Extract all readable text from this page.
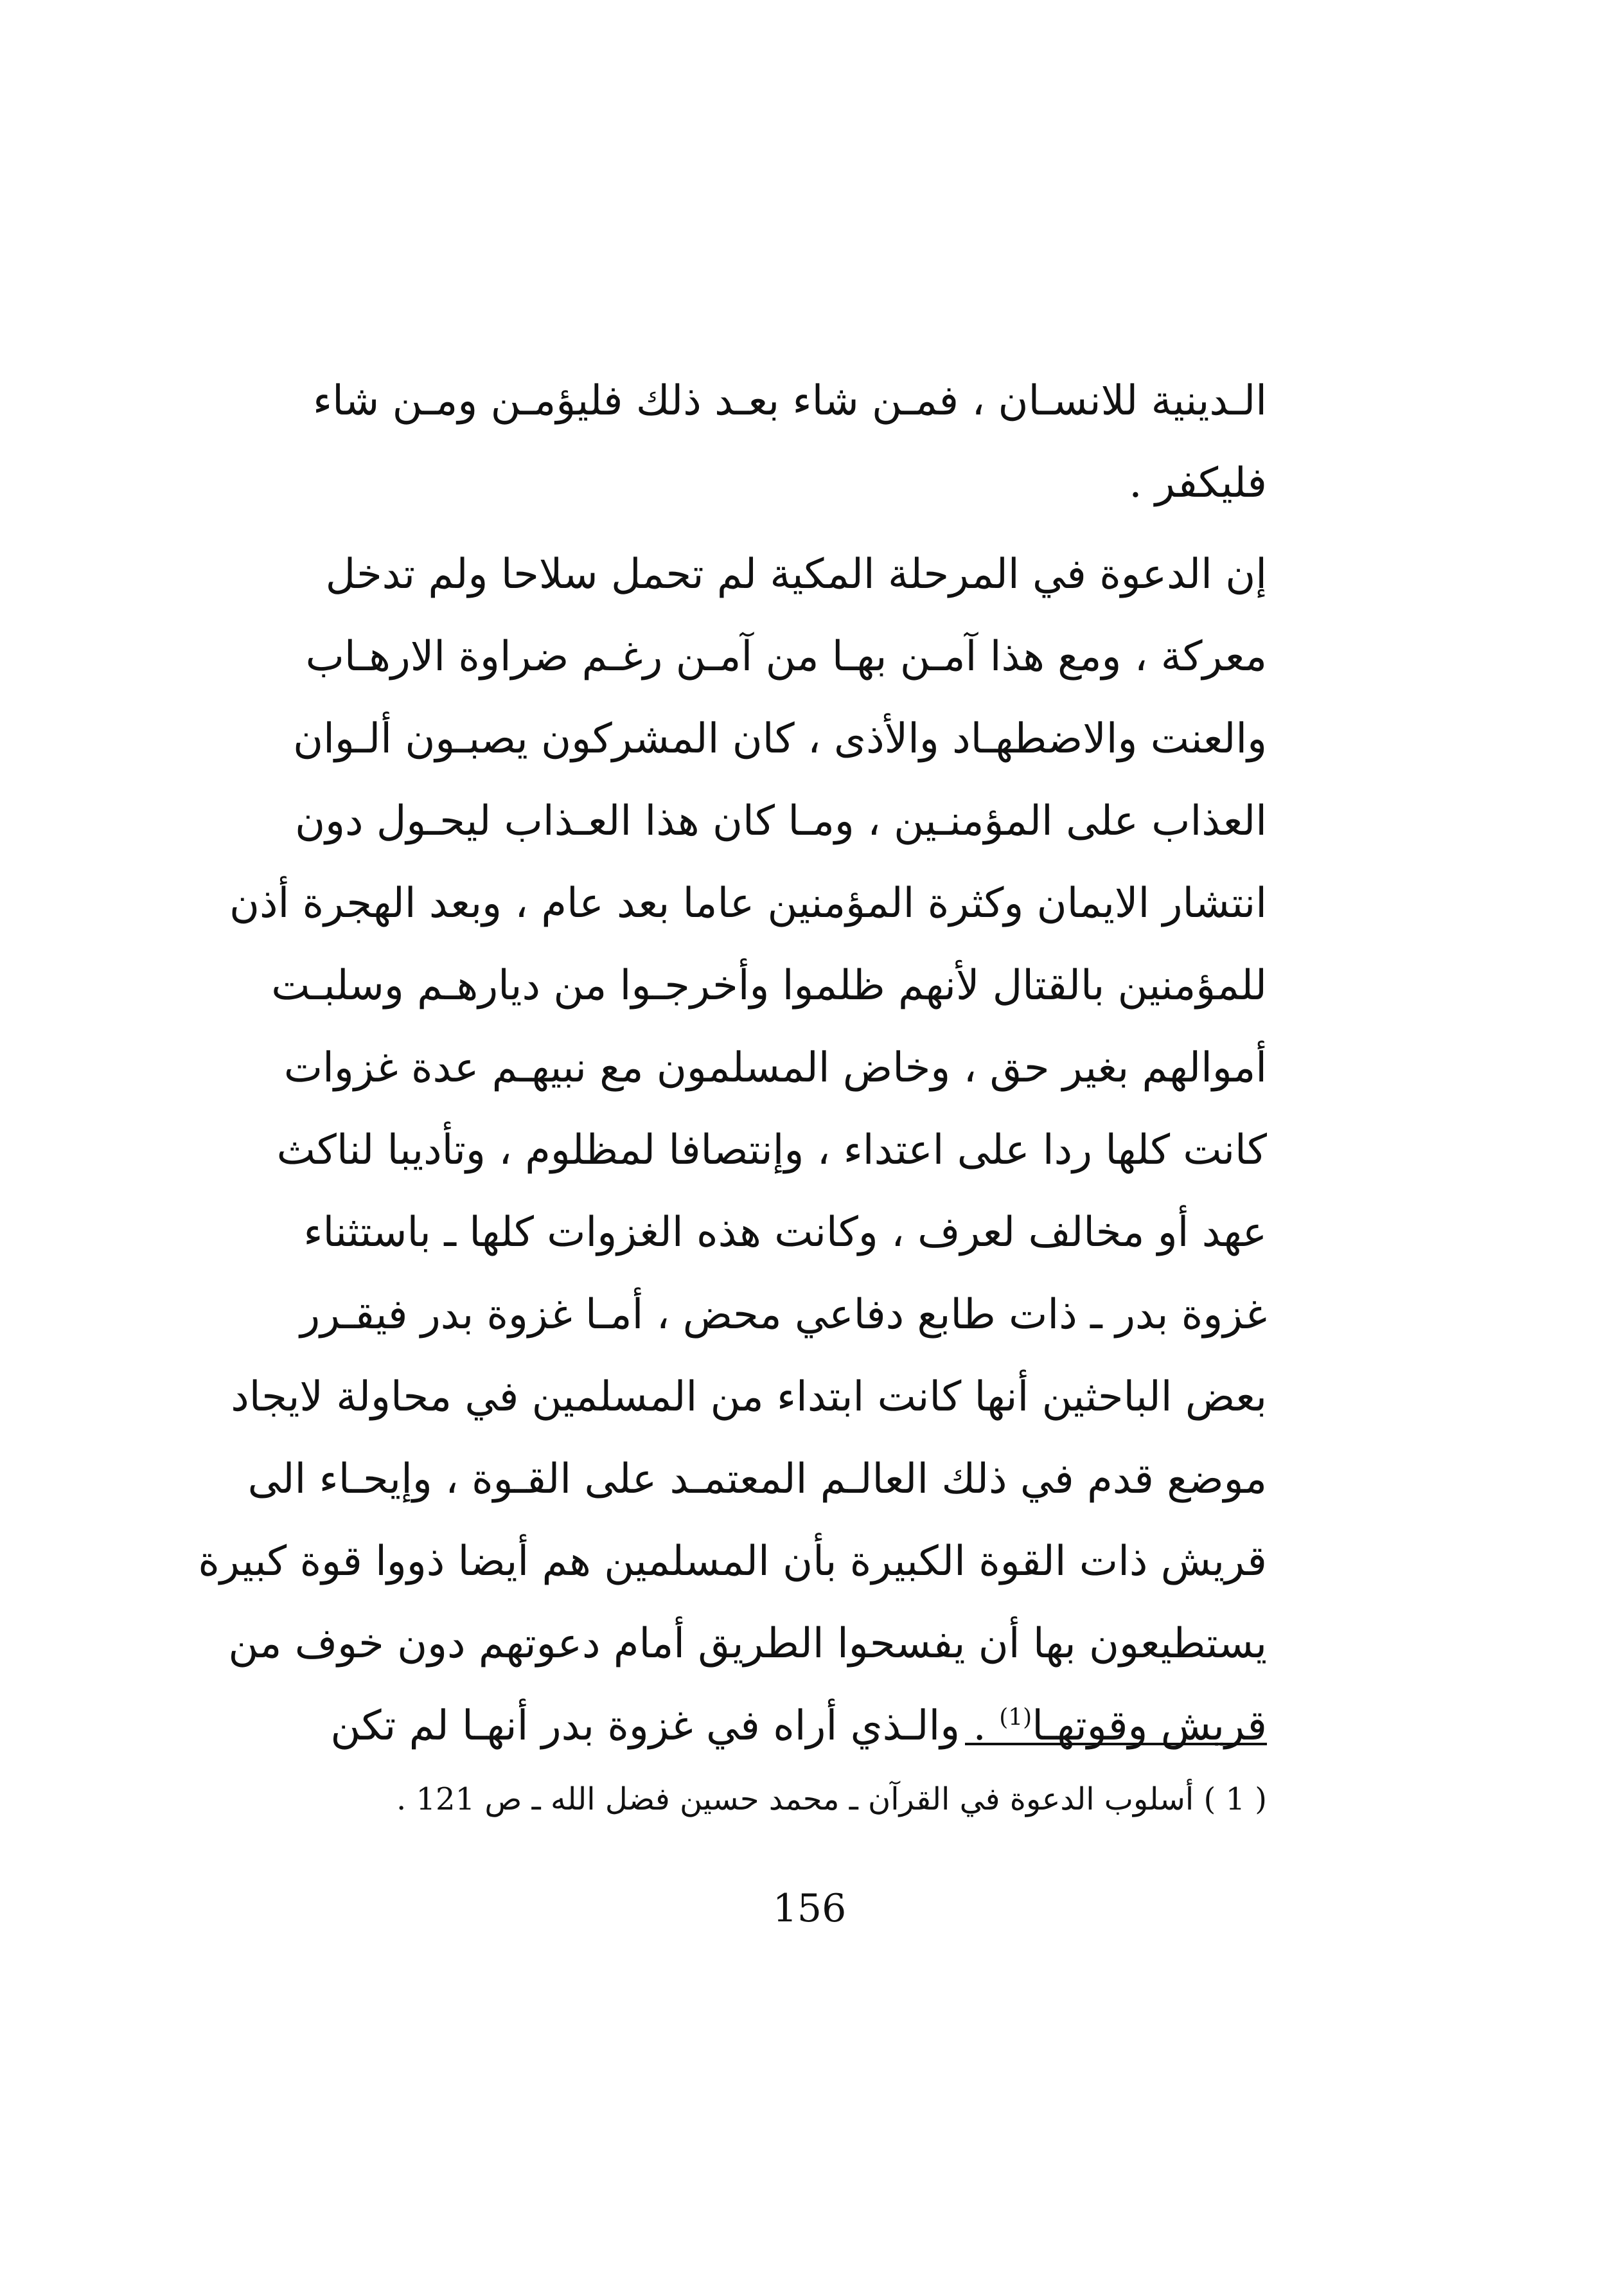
الـدينية للانسـان ، فمـن شاء بعـد ذلك فليؤمـن ومـن شاء
فليكفر .
إن الدعوة في المرحلة المكية لم تحمل سلاحا ولم تدخل
معركة ، ومع هذا آمـن بهـا من آمـن رغـم ضراوة الارهـاب
والعنت والاضطهـاد والأذى ، كان المشركون يصبـون ألـوان
العذاب على المؤمنـين ، ومـا كان هذا العـذاب ليحـول دون
انتشار الايمان وكثرة المؤمنين عاما بعد عام ، وبعد الهجرة أذن
للمؤمنين بالقتال لأنهم ظلموا وأخرجـوا من ديارهـم وسلبـت
أموالهم بغير حق ، وخاض المسلمون مع نبيهـم عدة غزوات
كانت كلها ردا على اعتداء ، وإنتصافا لمظلوم ، وتأديبا لناكث
عهد أو مخالف لعرف ، وكانت هذه الغزوات كلها ـ باستثناء
غزوة بدر ـ ذات طابع دفاعي محض ، أمـا غزوة بدر فيقـرر
بعض الباحثين أنها كانت ابتداء من المسلمين في محاولة لايجاد
موضع قدم في ذلك العالـم المعتمـد على القـوة ، وإيحـاء الى
قريش ذات القوة الكبيرة بأن المسلمين هم أيضا ذووا قوة كبيرة
يستطيعون بها أن يفسحوا الطريق أمام دعوتهم دون خوف من
قريش وقوتهـا$^{(1)}$ . والـذي أراه في غزوة بدر أنهـا لم تكن
( 1 ) أسلوب الدعوة في القرآن ـ محمد حسين فضل الله ـ ص 121 .
156
